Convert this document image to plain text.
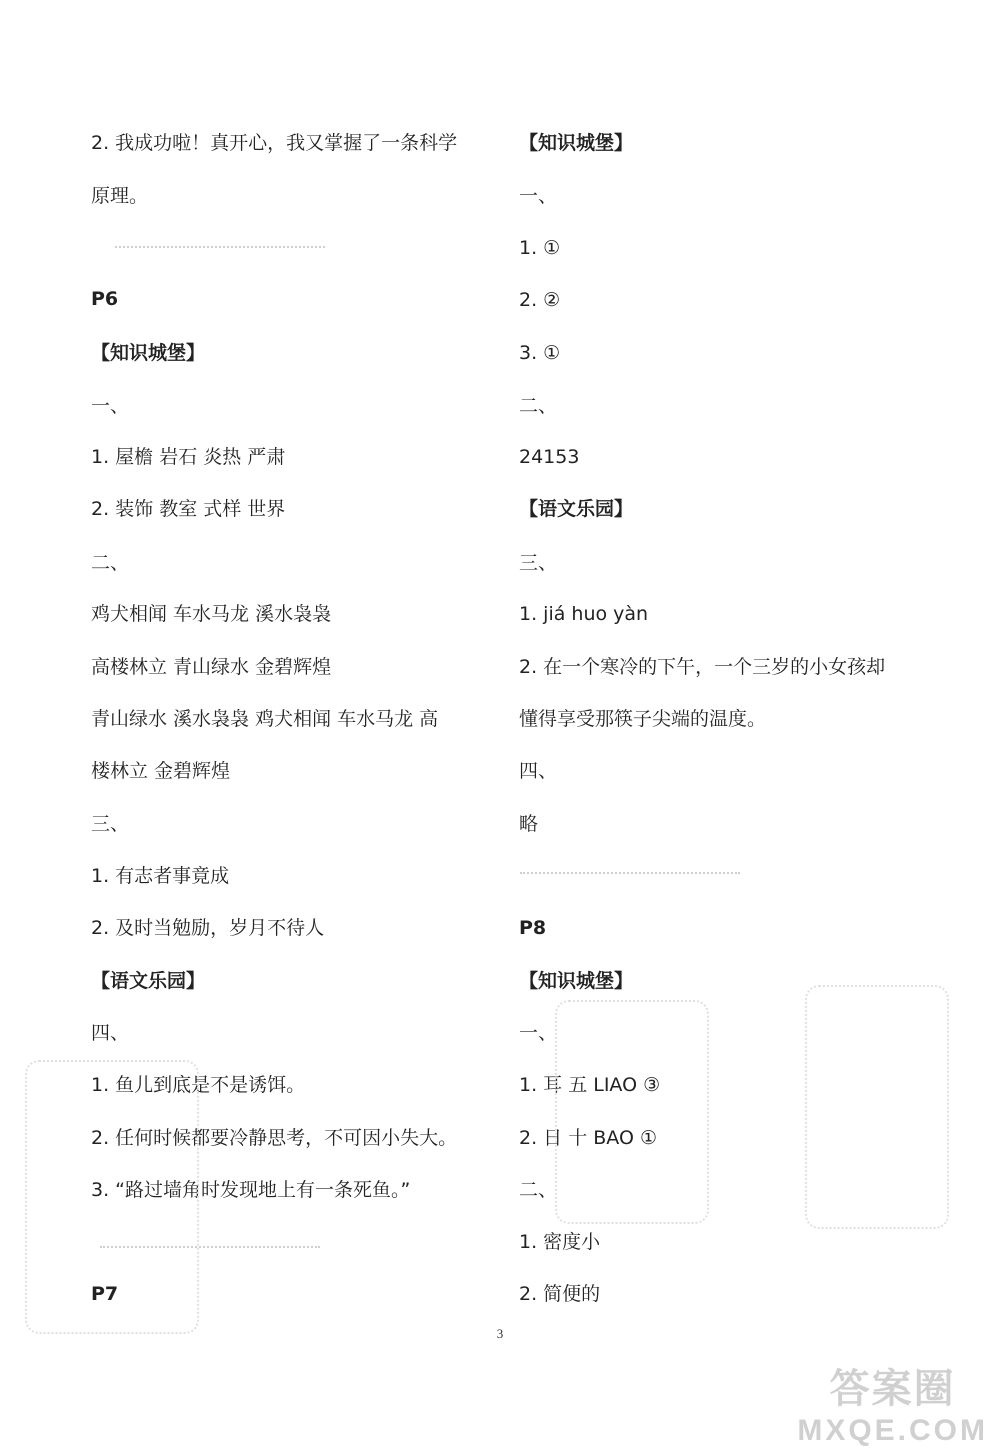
2. 我成功啦！真开心，我又掌握了一条科学
原理。
P6
【知识城堡】
一、
1. 屋檐 岩石 炎热 严肃
2. 装饰 教室 式样 世界
二、
鸡犬相闻 车水马龙 溪水袅袅
高楼林立 青山绿水 金碧辉煌
青山绿水 溪水袅袅 鸡犬相闻 车水马龙 高
楼林立 金碧辉煌
三、
1. 有志者事竟成
2. 及时当勉励，岁月不待人
【语文乐园】
四、
1. 鱼儿到底是不是诱饵。
2. 任何时候都要冷静思考，不可因小失大。
3. “路过墙角时发现地上有一条死鱼。”
P7
【知识城堡】
一、
1. ①
2. ②
3. ①
二、
24153
【语文乐园】
三、
1. jiá huo yàn
2. 在一个寒冷的下午，一个三岁的小女孩却
懂得享受那筷子尖端的温度。
四、
略
P8
【知识城堡】
一、
1. 耳 五 LIAO ③
2. 日 十 BAO ①
二、
1. 密度小
2. 简便的
3
答案圈
MXQE.COM
